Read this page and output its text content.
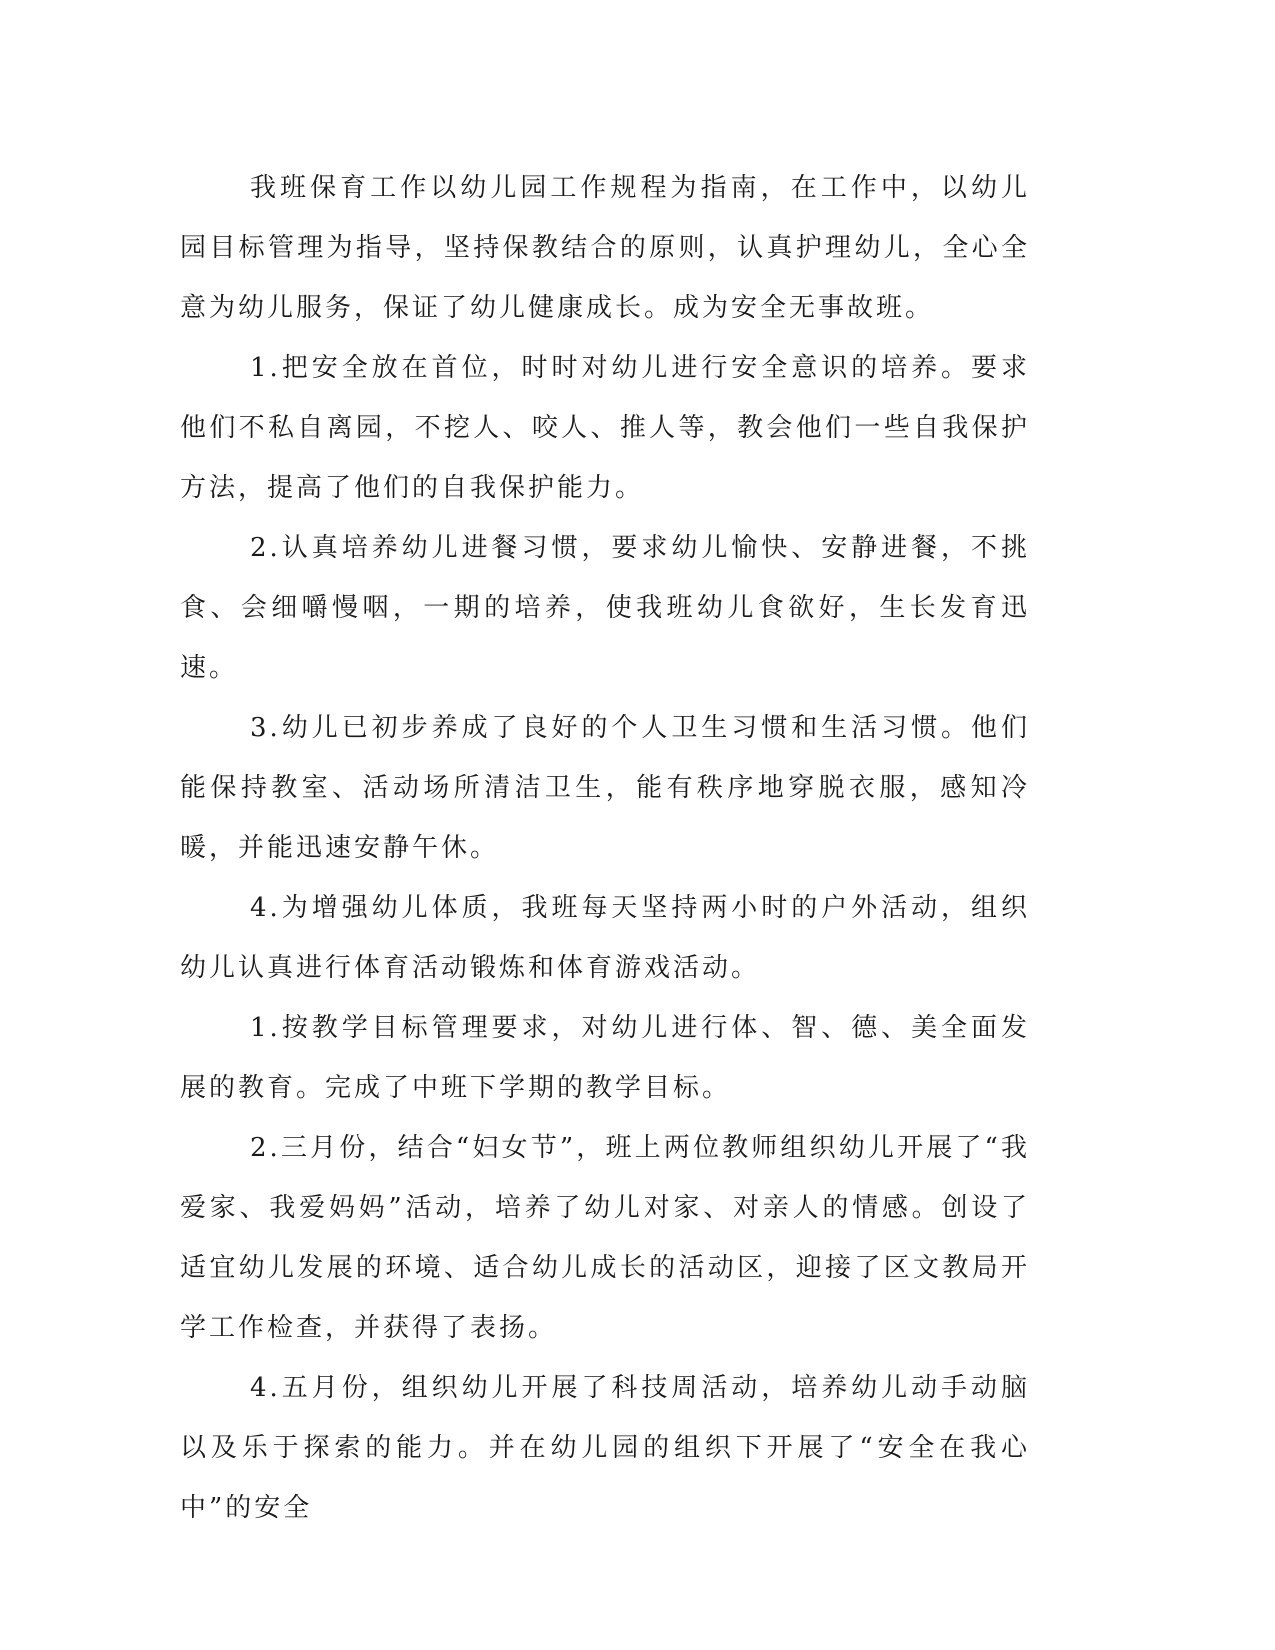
我班保育工作以幼儿园工作规程为指南，在工作中，以幼儿园目标管理为指导，坚持保教结合的原则，认真护理幼儿，全心全意为幼儿服务，保证了幼儿健康成长。成为安全无事故班。

1.把安全放在首位，时时对幼儿进行安全意识的培养。要求他们不私自离园，不挖人、咬人、推人等，教会他们一些自我保护方法，提高了他们的自我保护能力。

2.认真培养幼儿进餐习惯，要求幼儿愉快、安静进餐，不挑食、会细嚼慢咽，一期的培养，使我班幼儿食欲好，生长发育迅速。

3.幼儿已初步养成了良好的个人卫生习惯和生活习惯。他们能保持教室、活动场所清洁卫生，能有秩序地穿脱衣服，感知冷暖，并能迅速安静午休。

4.为增强幼儿体质，我班每天坚持两小时的户外活动，组织幼儿认真进行体育活动锻炼和体育游戏活动。

1.按教学目标管理要求，对幼儿进行体、智、德、美全面发展的教育。完成了中班下学期的教学目标。

2.三月份，结合“妇女节”，班上两位教师组织幼儿开展了“我爱家、我爱妈妈”活动，培养了幼儿对家、对亲人的情感。创设了适宜幼儿发展的环境、适合幼儿成长的活动区，迎接了区文教局开学工作检查，并获得了表扬。

4.五月份，组织幼儿开展了科技周活动，培养幼儿动手动脑以及乐于探索的能力。并在幼儿园的组织下开展了“安全在我心中”的安全
